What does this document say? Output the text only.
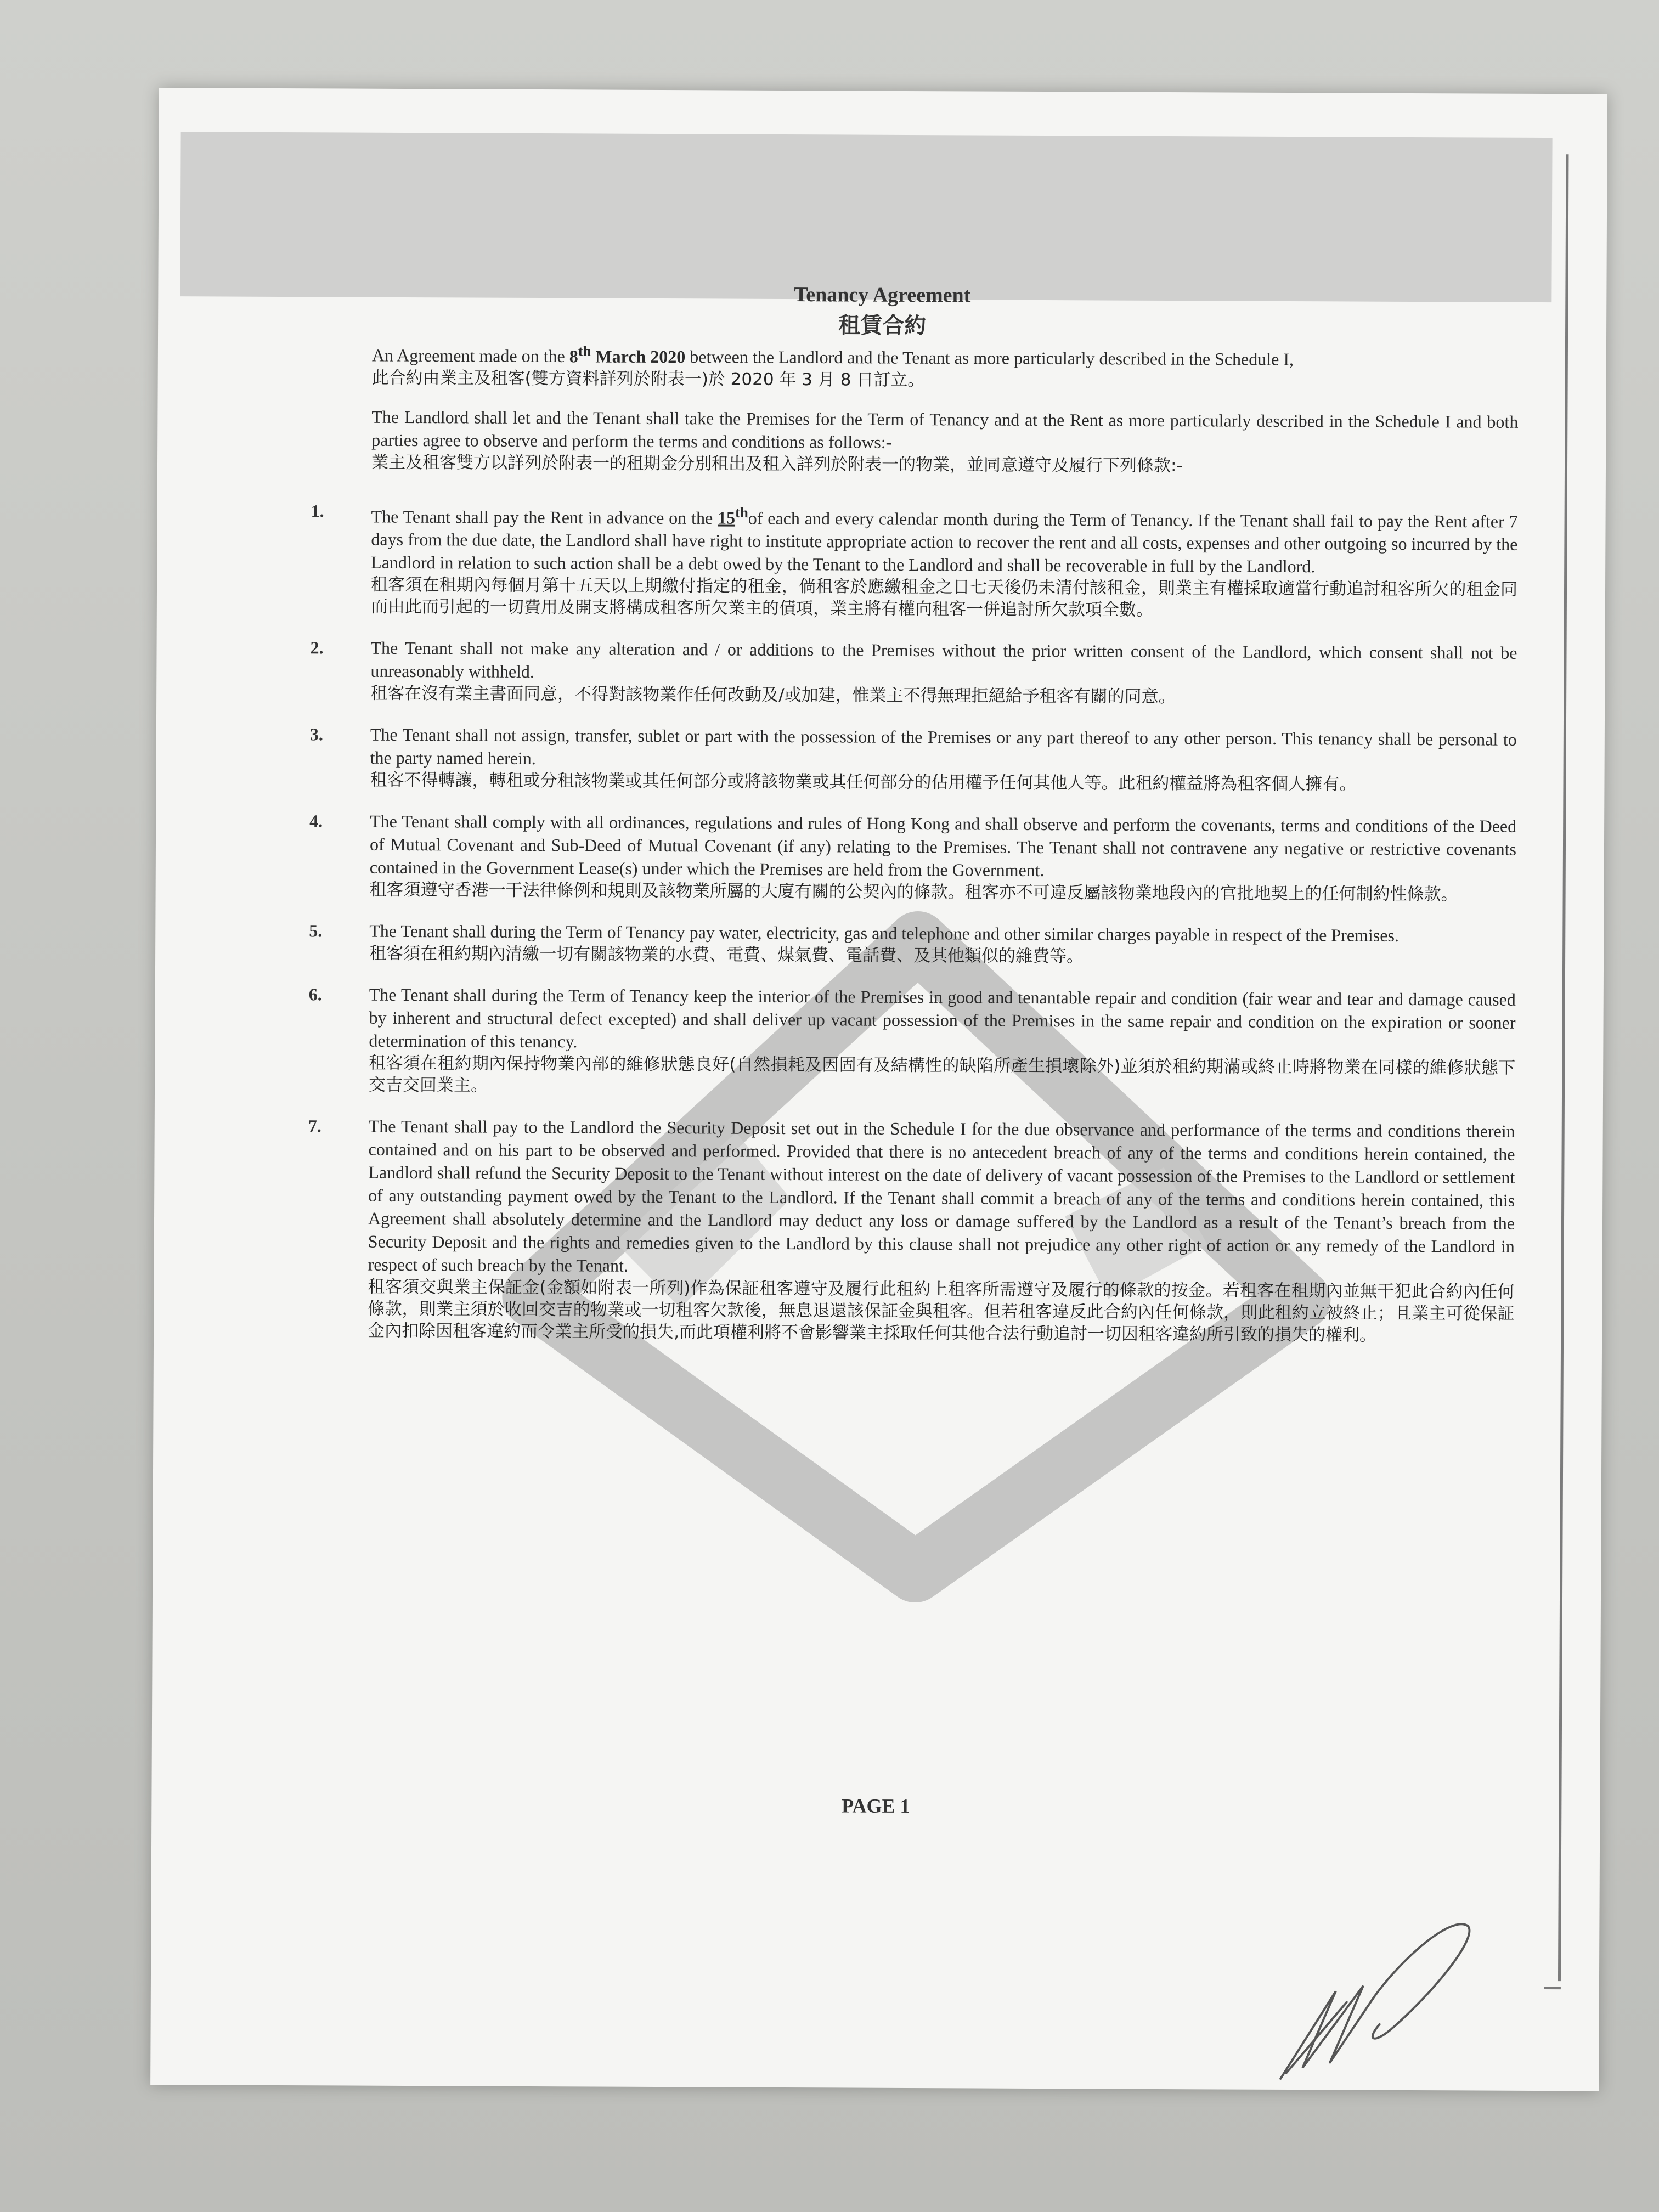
Tenancy Agreement
租賃合約
An Agreement made on the 8th March 2020 between the Landlord and the Tenant as more particularly described in the Schedule I,
此合約由業主及租客(雙方資料詳列於附表一)於 2020 年 3 月 8 日訂立。
The Landlord shall let and the Tenant shall take the Premises for the Term of Tenancy and at the Rent as more particularly described in the Schedule I and both parties agree to observe and perform the terms and conditions as follows:-
業主及租客雙方以詳列於附表一的租期金分別租出及租入詳列於附表一的物業，並同意遵守及履行下列條款:-
1.	The Tenant shall pay the Rent in advance on the 15thof each and every calendar month during the Term of Tenancy. If the Tenant shall fail to pay the Rent after 7 days from the due date, the Landlord shall have right to institute appropriate action to recover the rent and all costs, expenses and other outgoing so incurred by the Landlord in relation to such action shall be a debt owed by the Tenant to the Landlord and shall be recoverable in full by the Landlord.
租客須在租期內每個月第十五天以上期繳付指定的租金，倘租客於應繳租金之日七天後仍未清付該租金，則業主有權採取適當行動追討租客所欠的租金同而由此而引起的一切費用及開支將構成租客所欠業主的債項，業主將有權向租客一併追討所欠款項全數。
2.	The Tenant shall not make any alteration and / or additions to the Premises without the prior written consent of the Landlord, which consent shall not be unreasonably withheld.
租客在沒有業主書面同意，不得對該物業作任何改動及/或加建，惟業主不得無理拒絕給予租客有關的同意。
3.	The Tenant shall not assign, transfer, sublet or part with the possession of the Premises or any part thereof to any other person. This tenancy shall be personal to the party named herein.
租客不得轉讓，轉租或分租該物業或其任何部分或將該物業或其任何部分的佔用權予任何其他人等。此租約權益將為租客個人擁有。
4.	The Tenant shall comply with all ordinances, regulations and rules of Hong Kong and shall observe and perform the covenants, terms and conditions of the Deed of Mutual Covenant and Sub-Deed of Mutual Covenant (if any) relating to the Premises. The Tenant shall not contravene any negative or restrictive covenants contained in the Government Lease(s) under which the Premises are held from the Government.
租客須遵守香港一干法律條例和規則及該物業所屬的大廈有關的公契內的條款。租客亦不可違反屬該物業地段內的官批地契上的任何制約性條款。
5.	The Tenant shall during the Term of Tenancy pay water, electricity, gas and telephone and other similar charges payable in respect of the Premises.
租客須在租約期內清繳一切有關該物業的水費、電費、煤氣費、電話費、及其他類似的雜費等。
6.	The Tenant shall during the Term of Tenancy keep the interior of the Premises in good and tenantable repair and condition (fair wear and tear and damage caused by inherent and structural defect excepted) and shall deliver up vacant possession of the Premises in the same repair and condition on the expiration or sooner determination of this tenancy.
租客須在租約期內保持物業內部的維修狀態良好(自然損耗及因固有及結構性的缺陷所產生損壞除外)並須於租約期滿或終止時將物業在同樣的維修狀態下交吉交回業主。
7.	The Tenant shall pay to the Landlord the Security Deposit set out in the Schedule I for the due observance and performance of the terms and conditions therein contained and on his part to be observed and performed. Provided that there is no antecedent breach of any of the terms and conditions herein contained, the Landlord shall refund the Security Deposit to the Tenant without interest on the date of delivery of vacant possession of the Premises to the Landlord or settlement of any outstanding payment owed by the Tenant to the Landlord. If the Tenant shall commit a breach of any of the terms and conditions herein contained, this Agreement shall absolutely determine and the Landlord may deduct any loss or damage suffered by the Landlord as a result of the Tenant’s breach from the Security Deposit and the rights and remedies given to the Landlord by this clause shall not prejudice any other right of action or any remedy of the Landlord in respect of such breach by the Tenant.
租客須交與業主保証金(金額如附表一所列)作為保証租客遵守及履行此租約上租客所需遵守及履行的條款的按金。若租客在租期內並無干犯此合約內任何條款，則業主須於收回交吉的物業或一切租客欠款後，無息退還該保証金與租客。但若租客違反此合約內任何條款，則此租約立被終止；且業主可從保証金內扣除因租客違約而令業主所受的損失,而此項權利將不會影響業主採取任何其他合法行動追討一切因租客違約所引致的損失的權利。
PAGE 1
